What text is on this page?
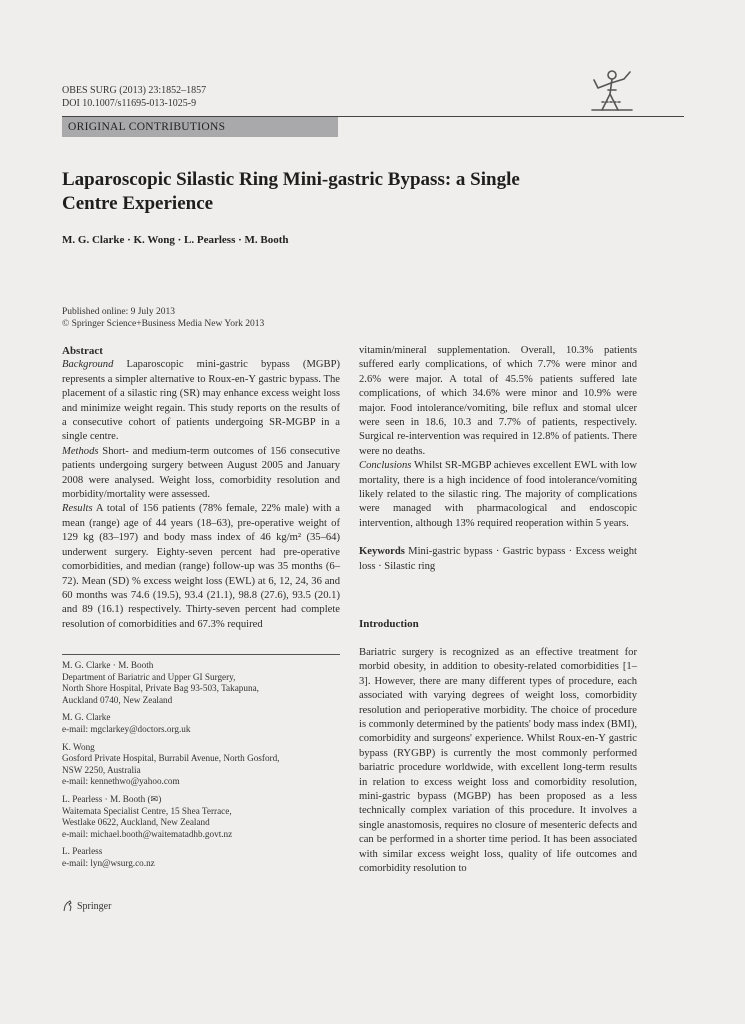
OBES SURG (2013) 23:1852–1857
DOI 10.1007/s11695-013-1025-9
ORIGINAL CONTRIBUTIONS
Laparoscopic Silastic Ring Mini-gastric Bypass: a Single
Centre Experience
M. G. Clarke · K. Wong · L. Pearless · M. Booth
Published online: 9 July 2013
© Springer Science+Business Media New York 2013
Abstract

Background Laparoscopic mini-gastric bypass (MGBP) represents a simpler alternative to Roux-en-Y gastric bypass. The placement of a silastic ring (SR) may enhance excess weight loss and minimize weight regain. This study reports on the results of a consecutive cohort of patients undergoing SR-MGBP in a single centre.

Methods Short- and medium-term outcomes of 156 consecutive patients undergoing surgery between August 2005 and January 2008 were analysed. Weight loss, comorbidity resolution and morbidity/mortality were assessed.

Results A total of 156 patients (78% female, 22% male) with a mean (range) age of 44 years (18–63), pre-operative weight of 129 kg (83–197) and body mass index of 46 kg/m² (35–64) underwent surgery. Eighty-seven percent had pre-operative comorbidities, and median (range) follow-up was 35 months (6–72). Mean (SD) % excess weight loss (EWL) at 6, 12, 24, 36 and 60 months was 74.6 (19.5), 93.4 (21.1), 98.8 (27.6), 93.5 (20.1) and 89 (16.1) respectively. Thirty-seven percent had complete resolution of comorbidities and 67.3% required

vitamin/mineral supplementation. Overall, 10.3% patients suffered early complications, of which 7.7% were minor and 2.6% were major. A total of 45.5% patients suffered late complications, of which 34.6% were minor and 10.9% were major. Food intolerance/vomiting, bile reflux and stomal ulcer were seen in 18.6, 10.3 and 7.7% of patients, respectively. Surgical re-intervention was required in 12.8% of patients. There were no deaths.

Conclusions Whilst SR-MGBP achieves excellent EWL with low mortality, there is a high incidence of food intolerance/vomiting likely related to the silastic ring. The majority of complications were managed with pharmacological and endoscopic intervention, although 13% required reoperation within 5 years.

Keywords Mini-gastric bypass · Gastric bypass · Excess weight loss · Silastic ring

Introduction
Bariatric surgery is recognized as an effective treatment for morbid obesity, in addition to obesity-related comorbidities [1–3]. However, there are many different types of procedure, each associated with varying degrees of weight loss, comorbidity resolution and perioperative morbidity. The choice of procedure is commonly determined by the patients' body mass index (BMI), comorbidity and surgeons' experience. Whilst Roux-en-Y gastric bypass (RYGBP) is currently the most commonly performed bariatric procedure worldwide, with excellent long-term results in relation to excess weight loss and comorbidity resolution, mini-gastric bypass (MGBP) has been proposed as a less technically complex variation of this procedure. It involves a single anastomosis, requires no closure of mesenteric defects and can be performed in a shorter time period. It has been associated with similar excess weight loss, quality of life outcomes and comorbidity resolution to
M. G. Clarke · M. Booth
Department of Bariatric and Upper GI Surgery,
North Shore Hospital, Private Bag 93-503, Takapuna,
Auckland 0740, New Zealand
M. G. Clarke
e-mail: mgclarkey@doctors.org.uk
K. Wong
Gosford Private Hospital, Burrabil Avenue, North Gosford,
NSW 2250, Australia
e-mail: kennethwo@yahoo.com
L. Pearless · M. Booth (✉)
Waitemata Specialist Centre, 15 Shea Terrace,
Westlake 0622, Auckland, New Zealand
e-mail: michael.booth@waitematadhb.govt.nz
L. Pearless
e-mail: lyn@wsurg.co.nz
Springer
